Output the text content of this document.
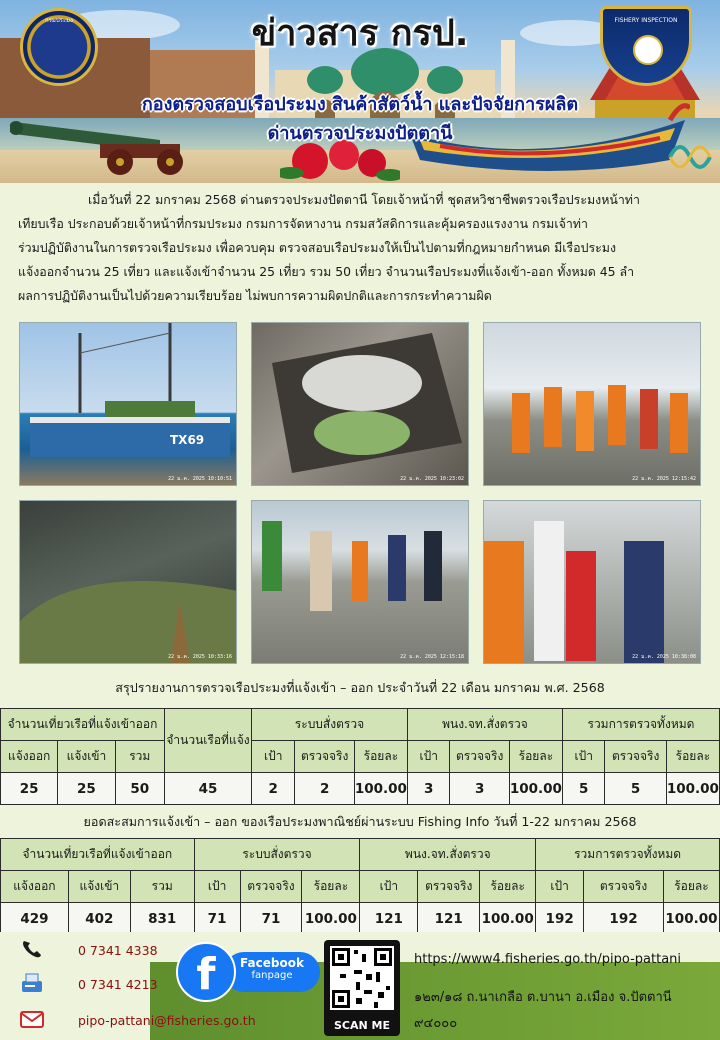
กรมประมง	FISHERY INSPECTION
ข่าวสาร กรป.
กองตรวจสอบเรือประมง สินค้าสัตว์น้ำ และปัจจัยการผลิต
ด่านตรวจประมงปัตตานี
เมื่อวันที่ 22 มกราคม 2568 ด่านตรวจประมงปัตตานี โดยเจ้าหน้าที่ ชุดสหวิชาชีพตรวจเรือประมงหน้าท่า
เทียบเรือ ประกอบด้วยเจ้าหน้าที่กรมประมง กรมการจัดหางาน กรมสวัสดิการและคุ้มครองแรงงาน กรมเจ้าท่า
ร่วมปฏิบัติงานในการตรวจเรือประมง เพื่อควบคุม ตรวจสอบเรือประมงให้เป็นไปตามที่กฎหมายกำหนด มีเรือประมง
แจ้งออกจำนวน 25 เที่ยว และแจ้งเข้าจำนวน 25 เที่ยว รวม 50 เที่ยว จำนวนเรือประมงที่แจ้งเข้า-ออก ทั้งหมด 45 ลำ
ผลการปฏิบัติงานเป็นไปด้วยความเรียบร้อย ไม่พบการความผิดปกติและการกระทำความผิด
TX69
22 ม.ค. 2025 10:10:51	22 ม.ค. 2025 10:23:02	22 ม.ค. 2025 12:15:42
22 ม.ค. 2025 10:33:16	22 ม.ค. 2025 12:15:18	22 ม.ค. 2025 10:38:08
สรุปรายงานการตรวจเรือประมงที่แจ้งเข้า – ออก ประจำวันที่ 22 เดือน มกราคม พ.ศ. 2568
จำนวนเที่ยวเรือที่แจ้งเข้าออก			จำนวนเรือที่แจ้ง	ระบบสั่งตรวจ			พนง.จท.สั่งตรวจ			รวมการตรวจทั้งหมด		
แจ้งออก	แจ้งเข้า	รวม		เป้า	ตรวจจริง	ร้อยละ	เป้า	ตรวจจริง	ร้อยละ	เป้า	ตรวจจริง	ร้อยละ
25	25	50	45	2	2	100.00	3	3	100.00	5	5	100.00
ยอดสะสมการแจ้งเข้า – ออก ของเรือประมงพาณิชย์ผ่านระบบ Fishing Info วันที่ 1-22 มกราคม 2568
จำนวนเที่ยวเรือที่แจ้งเข้าออก			ระบบสั่งตรวจ			พนง.จท.สั่งตรวจ			รวมการตรวจทั้งหมด		
แจ้งออก	แจ้งเข้า	รวม	เป้า	ตรวจจริง	ร้อยละ	เป้า	ตรวจจริง	ร้อยละ	เป้า	ตรวจจริง	ร้อยละ
429	402	831	71	71	100.00	121	121	100.00	192	192	100.00
0 7341 4338
0 7341 4213
pipo-pattani@fisheries.go.th
Facebook
fanpage
f
SCAN ME
https://www4.fisheries.go.th/pipo-pattani
๑๒๓/๑๘ ถ.นาเกลือ ต.บานา อ.เมือง จ.ปัตตานี
๙๔๐๐๐
